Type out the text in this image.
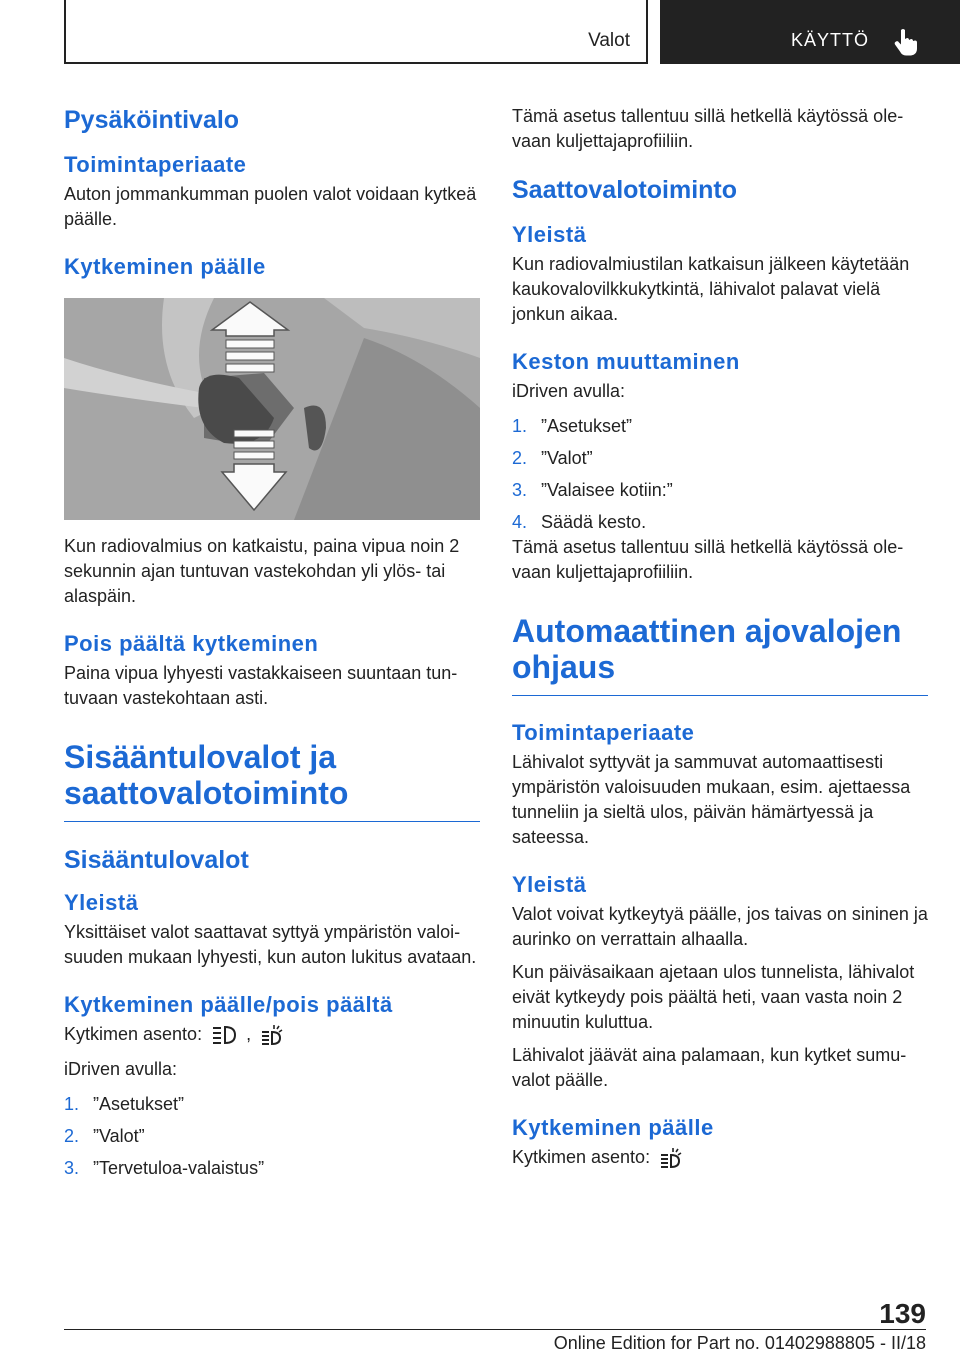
Valot	KÄYTTÖ
Pysäköintivalo
Toimintaperiaate

Auton jommankumman puolen valot voidaan kytkeä päälle.

Kytkeminen päälle

Kun radiovalmius on katkaistu, paina vipua noin 2 sekunnin ajan tuntuvan vastekohdan yli ylös- tai alaspäin.

Pois päältä kytkeminen

Paina vipua lyhyesti vastakkaiseen suuntaan tuntuvaan vastekohtaan asti.

Sisääntulovalot ja saattovalotoiminto
Sisääntulovalot
Yleistä

Yksittäiset valot saattavat syttyä ympäristön valoisuuden mukaan lyhyesti, kun auton lukitus avataan.

Kytkeminen päälle/pois päältä

Kytkimen asento: ,

iDriven avulla:

1. ”Asetukset”
2. ”Valot”
3. ”Tervetuloa-valaistus”

Tämä asetus tallentuu sillä hetkellä käytössä olevaan kuljettajaprofiiliin.

Saattovalotoiminto
Yleistä

Kun radiovalmiustilan katkaisun jälkeen käytetään kaukovalovilkkukytkintä, lähivalot palavat vielä jonkun aikaa.

Keston muuttaminen

iDriven avulla:

1. ”Asetukset”
2. ”Valot”
3. ”Valaisee kotiin:”
4. Säädä kesto.

Tämä asetus tallentuu sillä hetkellä käytössä olevaan kuljettajaprofiiliin.

Automaattinen ajovalojen ohjaus
Toimintaperiaate

Lähivalot syttyvät ja sammuvat automaattisesti ympäristön valoisuuden mukaan, esim. ajettaessa tunneliin ja sieltä ulos, päivän hämärtyessä ja sateessa.

Yleistä

Valot voivat kytkeytyä päälle, jos taivas on sininen ja aurinko on verrattain alhaalla.

Kun päiväsaikaan ajetaan ulos tunnelista, lähivalot eivät kytkeydy pois päältä heti, vaan vasta noin 2 minuutin kuluttua.

Lähivalot jäävät aina palamaan, kun kytket sumuvalot päälle.

Kytkeminen päälle

Kytkimen asento:

139
Online Edition for Part no. 01402988805 - II/18
